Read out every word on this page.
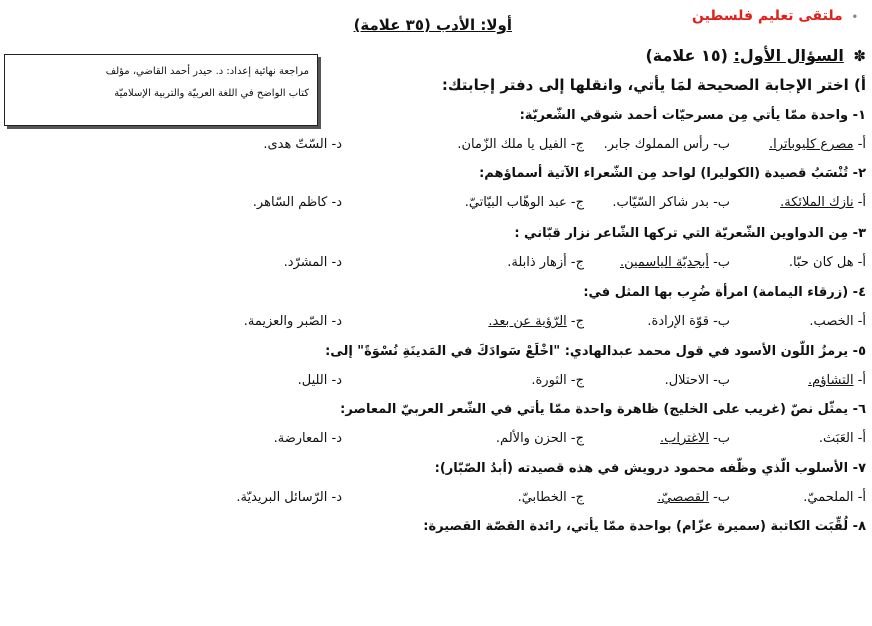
• ملتقى تعليم فلسطين
أولا: الأدب (٣٥ علامة)
مراجعة نهائية إعداد: د. حيدر أحمد القاضي، مؤلف
كتاب الواضح في اللغة العربيّة والتربية الإسلاميّة
✽ السؤال الأول: (١٥ علامة)
أ) اختر الإجابة الصحيحة لمَا يأتي، وانقلها إلى دفتر إجابتك:
١- واحدة ممّا يأتي مِن مسرحيّات أحمد شوقي الشّعريّة:
أ- مصرع كليوباترا.
ب- رأس المملوك جابر.
ج- الفيل يا ملك الزّمان.
د- السّتّ هدى.
٢- تُنْسَبُ قصيدة (الكوليرا) لواحد مِن الشّعراء الآتية أسماؤهم:
أ- نازك الملائكة.
ب- بدر شاكر السّيّاب.
ج- عبد الوهّاب البيّاتيّ.
د- كاظم السّاهر.
٣- مِن الدواوين الشّعريّة التي تركها الشّاعر نزار قبّاني :
أ- هل كان حبّا.
ب- أبجديّة الياسمين.
ج- أزهار ذابلة.
د- المشرّد.
٤- (زرقاء اليمامة) امرأة ضُرِب بها المثل في:
أ- الخصب.
ب- قوّة الإرادة.
ج- الرّؤية عن بعد.
د- الصّبر والعزيمة.
٥- يرمزُ اللّون الأسود في قول محمد عبدالهادي: "اخْلَعْ سَوادَكَ في المَدينَةِ نُسْوَةً" إلى:
أ- التشاؤم.
ب- الاحتلال.
ج- الثورة.
د- الليل.
٦- يمثّل نصّ (غريب على الخليج) ظاهرة واحدة ممّا يأتي في الشّعر العربيّ المعاصر:
أ- العَبَث.
ب- الاغتراب.
ج- الحزن والألم.
د- المعارضة.
٧- الأسلوب الّذي وظّفه محمود درويش في هذه قصيدته (أبدُ الصّبّار):
أ- الملحميّ.
ب- القصصيّ.
ج- الخطابيّ.
د- الرّسائل البريديّة.
٨- لُقِّبَت الكاتبة (سميرة عزّام) بواحدة ممّا يأتي، رائدة القصّة القصيرة:
